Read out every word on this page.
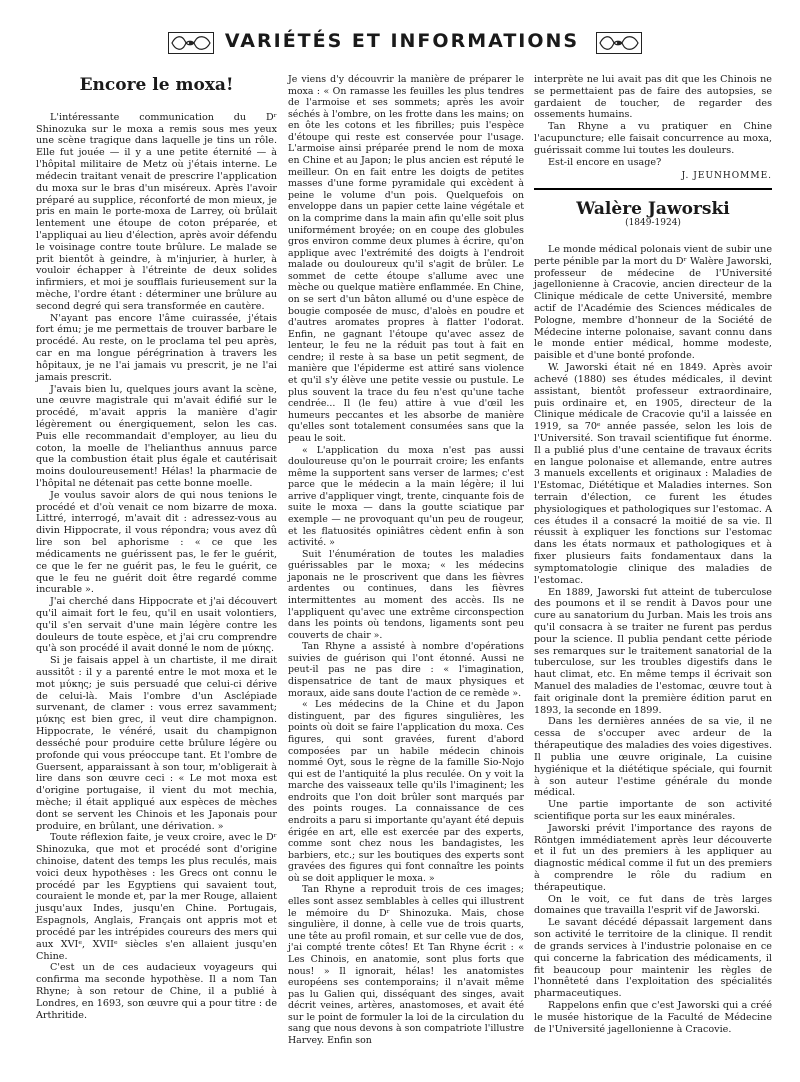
VARIÉTÉS ET INFORMATIONS
Encore le moxa!

L'intéressante communication du Dʳ Shinozuka sur le moxa a remis sous mes yeux une scène tragique dans laquelle je tins un rôle. Elle fut jouée — il y a une petite éternité — à l'hôpital militaire de Metz où j'étais interne. Le médecin traitant venait de prescrire l'application du moxa sur le bras d'un miséreux. Après l'avoir préparé au supplice, réconforté de mon mieux, je pris en main le porte-moxa de Larrey, où brûlait lentement une étoupe de coton préparée, et l'appliquai au lieu d'élection, après avoir défendu le voisinage contre toute brûlure. Le malade se prit bientôt à geindre, à m'injurier, à hurler, à vouloir échapper à l'étreinte de deux solides infirmiers, et moi je soufflais furieusement sur la mèche, l'ordre étant : déterminer une brûlure au second degré qui sera transformée en cautère.

N'ayant pas encore l'âme cuirassée, j'étais fort ému; je me permettais de trouver barbare le procédé. Au reste, on le proclama tel peu après, car en ma longue pérégrination à travers les hôpitaux, je ne l'ai jamais vu prescrit, je ne l'ai jamais prescrit.

J'avais bien lu, quelques jours avant la scène, une œuvre magistrale qui m'avait édifié sur le procédé, m'avait appris la manière d'agir légèrement ou énergiquement, selon les cas. Puis elle recommandait d'employer, au lieu du coton, la moelle de l'helianthus annuus parce que la combustion était plus égale et cautérisait moins douloureusement! Hélas! la pharmacie de l'hôpital ne détenait pas cette bonne moelle.

Je voulus savoir alors de qui nous tenions le procédé et d'où venait ce nom bizarre de moxa. Littré, interrogé, m'avait dit : adressez-vous au divin Hippocrate, il vous répondra; vous avez dû lire son bel aphorisme : « ce que les médicaments ne guérissent pas, le fer le guérit, ce que le fer ne guérit pas, le feu le guérit, ce que le feu ne guérit doit être regardé comme incurable ».

J'ai cherché dans Hippocrate et j'ai découvert qu'il aimait fort le feu, qu'il en usait volontiers, qu'il s'en servait d'une main légère contre les douleurs de toute espèce, et j'ai cru comprendre qu'à son procédé il avait donné le nom de μύκης.

Si je faisais appel à un chartiste, il me dirait aussitôt : il y a parenté entre le mot moxa et le mot μύκης; je suis persuadé que celui-ci dérive de celui-là. Mais l'ombre d'un Asclépiade survenant, de clamer : vous errez savamment; μύκης est bien grec, il veut dire champignon. Hippocrate, le vénéré, usait du champignon desséché pour produire cette brûlure légère ou profonde qui vous préoccupe tant. Et l'ombre de Guersent, apparaissant à son tour, m'obligerait à lire dans son œuvre ceci : « Le mot moxa est d'origine portugaise, il vient du mot mechia, mèche; il était appliqué aux espèces de mèches dont se servent les Chinois et les Japonais pour produire, en brûlant, une dérivation. »

Toute réflexion faite, je veux croire, avec le Dʳ Shinozuka, que mot et procédé sont d'origine chinoise, datent des temps les plus reculés, mais voici deux hypothèses : les Grecs ont connu le procédé par les Egyptiens qui savaient tout, couraient le monde et, par la mer Rouge, allaient jusqu'aux Indes, jusqu'en Chine. Portugais, Espagnols, Anglais, Français ont appris mot et procédé par les intrépides coureurs des mers qui aux XVIᵉ, XVIIᵉ siècles s'en allaient jusqu'en Chine.

C'est un de ces audacieux voyageurs qui confirma ma seconde hypothèse. Il a nom Tan Rhyne; à son retour de Chine, il a publié à Londres, en 1693, son œuvre qui a pour titre : de Arthritide.

Je viens d'y découvrir la manière de préparer le moxa : « On ramasse les feuilles les plus tendres de l'armoise et ses sommets; après les avoir séchés à l'ombre, on les frotte dans les mains; on en ôte les cotons et les fibrilles; puis l'espèce d'étoupe qui reste est conservée pour l'usage. L'armoise ainsi préparée prend le nom de moxa en Chine et au Japon; le plus ancien est réputé le meilleur. On en fait entre les doigts de petites masses d'une forme pyramidale qui excèdent à peine le volume d'un pois. Quelquefois on enveloppe dans un papier cette laine végétale et on la comprime dans la main afin qu'elle soit plus uniformément broyée; on en coupe des globules gros environ comme deux plumes à écrire, qu'on applique avec l'extrémité des doigts à l'endroit malade ou douloureux qu'il s'agit de brûler. Le sommet de cette étoupe s'allume avec une mèche ou quelque matière enflammée. En Chine, on se sert d'un bâton allumé ou d'une espèce de bougie composée de musc, d'aloès en poudre et d'autres aromates propres à flatter l'odorat. Enfin, ne gagnant l'étoupe qu'avec assez de lenteur, le feu ne la réduit pas tout à fait en cendre; il reste à sa base un petit segment, de manière que l'épiderme est attiré sans violence et qu'il s'y élève une petite vessie ou pustule. Le plus souvent la trace du feu n'est qu'une tache cendrée... Il (le feu) attire à vue d'œil les humeurs peccantes et les absorbe de manière qu'elles sont totalement consumées sans que la peau le soit.

« L'application du moxa n'est pas aussi douloureuse qu'on le pourrait croire; les enfants même la supportent sans verser de larmes; c'est parce que le médecin a la main légère; il lui arrive d'appliquer vingt, trente, cinquante fois de suite le moxa — dans la goutte sciatique par exemple — ne provoquant qu'un peu de rougeur, et les flatuosités opiniâtres cèdent enfin à son activité. »

Suit l'énumération de toutes les maladies guérissables par le moxa; « les médecins japonais ne le proscrivent que dans les fièvres ardentes ou continues, dans les fièvres intermittentes au moment des accès. Ils ne l'appliquent qu'avec une extrême circonspection dans les points où tendons, ligaments sont peu couverts de chair ».

Tan Rhyne a assisté à nombre d'opérations suivies de guérison qui l'ont étonné. Aussi ne peut-il pas ne pas dire : « l'imagination, dispensatrice de tant de maux physiques et moraux, aide sans doute l'action de ce remède ».

« Les médecins de la Chine et du Japon distinguent, par des figures singulières, les points où doit se faire l'application du moxa. Ces figures, qui sont gravées, furent d'abord composées par un habile médecin chinois nommé Oyt, sous le règne de la famille Sio-Nojo qui est de l'antiquité la plus reculée. On y voit la marche des vaisseaux telle qu'ils l'imaginent; les endroits que l'on doit brûler sont marqués par des points rouges. La connaissance de ces endroits a paru si importante qu'ayant été depuis érigée en art, elle est exercée par des experts, comme sont chez nous les bandagistes, les barbiers, etc.; sur les boutiques des experts sont gravées des figures qui font connaître les points où se doit appliquer le moxa. »

Tan Rhyne a reproduit trois de ces images; elles sont assez semblables à celles qui illustrent le mémoire du Dʳ Shinozuka. Mais, chose singulière, il donne, à celle vue de trois quarts, une tête au profil romain, et sur celle vue de dos, j'ai compté trente côtes! Et Tan Rhyne écrit : « Les Chinois, en anatomie, sont plus forts que nous! » Il ignorait, hélas! les anatomistes européens ses contemporains; il n'avait même pas lu Galien qui, disséquant des singes, avait décrit veines, artères, anastomoses, et avait été sur le point de formuler la loi de la circulation du sang que nous devons à son compatriote l'illustre Harvey. Enfin son

interprète ne lui avait pas dit que les Chinois ne se permettaient pas de faire des autopsies, se gardaient de toucher, de regarder des ossements humains.

Tan Rhyne a vu pratiquer en Chine l'acupuncture; elle faisait concurrence au moxa, guérissait comme lui toutes les douleurs.

Est-il encore en usage?

J. JEUNHOMME.
Walère Jaworski
(1849-1924)

Le monde médical polonais vient de subir une perte pénible par la mort du Dʳ Walère Jaworski, professeur de médecine de l'Université jagellonienne à Cracovie, ancien directeur de la Clinique médicale de cette Université, membre actif de l'Académie des Sciences médicales de Pologne, membre d'honneur de la Société de Médecine interne polonaise, savant connu dans le monde entier médical, homme modeste, paisible et d'une bonté profonde.

W. Jaworski était né en 1849. Après avoir achevé (1880) ses études médicales, il devint assistant, bientôt professeur extraordinaire, puis ordinaire et, en 1905, directeur de la Clinique médicale de Cracovie qu'il a laissée en 1919, sa 70ᵉ année passée, selon les lois de l'Université. Son travail scientifique fut énorme. Il a publié plus d'une centaine de travaux écrits en langue polonaise et allemande, entre autres 3 manuels excellents et originaux : Maladies de l'Estomac, Diététique et Maladies internes. Son terrain d'élection, ce furent les études physiologiques et pathologiques sur l'estomac. A ces études il a consacré la moitié de sa vie. Il réussit à expliquer les fonctions sur l'estomac dans les états normaux et pathologiques et à fixer plusieurs faits fondamentaux dans la symptomatologie clinique des maladies de l'estomac.

En 1889, Jaworski fut atteint de tuberculose des poumons et il se rendit à Davos pour une cure au sanatorium du Jurban. Mais les trois ans qu'il consacra à se traiter ne furent pas perdus pour la science. Il publia pendant cette période ses remarques sur le traitement sanatorial de la tuberculose, sur les troubles digestifs dans le haut climat, etc. En même temps il écrivait son Manuel des maladies de l'estomac, œuvre tout à fait originale dont la première édition parut en 1893, la seconde en 1899.

Dans les dernières années de sa vie, il ne cessa de s'occuper avec ardeur de la thérapeutique des maladies des voies digestives. Il publia une œuvre originale, La cuisine hygiénique et la diététique spéciale, qui fournit à son auteur l'estime générale du monde médical.

Une partie importante de son activité scientifique porta sur les eaux minérales.

Jaworski prévit l'importance des rayons de Röntgen immédiatement après leur découverte et il fut un des premiers à les appliquer au diagnostic médical comme il fut un des premiers à comprendre le rôle du radium en thérapeutique.

On le voit, ce fut dans de très larges domaines que travailla l'esprit vif de Jaworski.

Le savant décédé dépassait largement dans son activité le territoire de la clinique. Il rendit de grands services à l'industrie polonaise en ce qui concerne la fabrication des médicaments, il fit beaucoup pour maintenir les règles de l'honnêteté dans l'exploitation des spécialités pharmaceutiques.

Rappelons enfin que c'est Jaworski qui a créé le musée historique de la Faculté de Médecine de l'Université jagellonienne à Cracovie.
